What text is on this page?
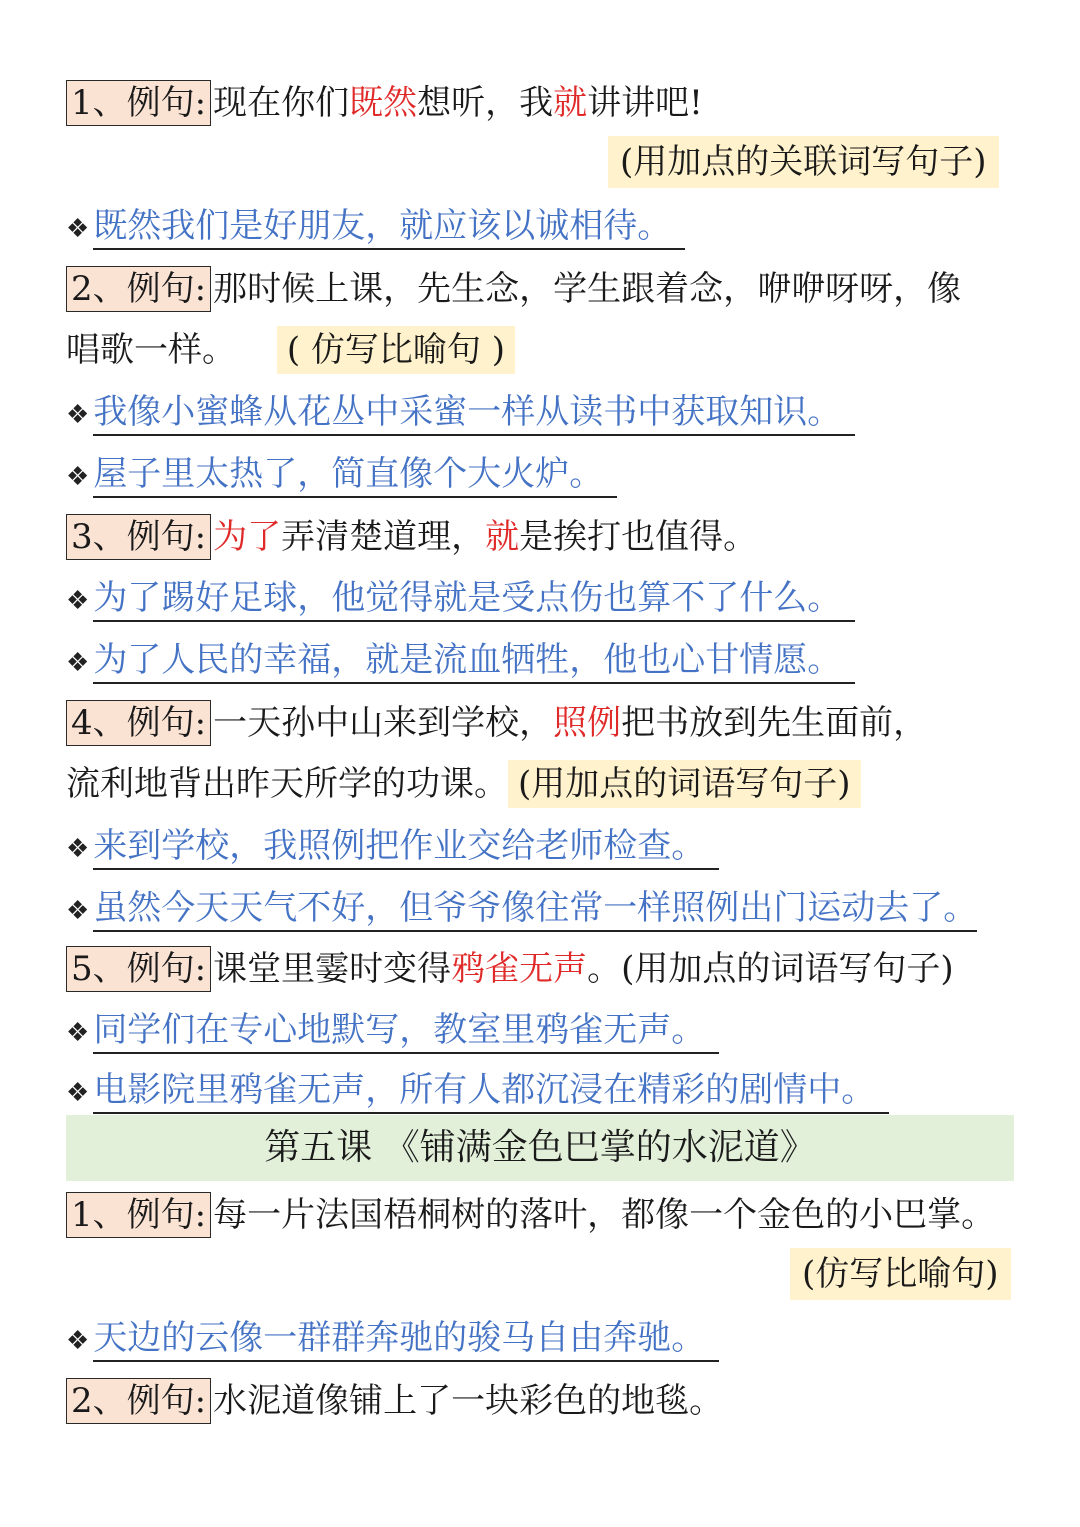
1、例句: 现在你们既然想听，我就讲讲吧!
(用加点的关联词写句子)
❖ 既然我们是好朋友，就应该以诚相待。
2、例句: 那时候上课，先生念，学生跟着念，咿咿呀呀，像
唱歌一样。 ( 仿写比喻句 )
❖ 我像小蜜蜂从花丛中采蜜一样从读书中获取知识。
❖ 屋子里太热了，简直像个大火炉。
3、例句: 为了弄清楚道理，就是挨打也值得。
❖ 为了踢好足球，他觉得就是受点伤也算不了什么。
❖ 为了人民的幸福，就是流血牺牲，他也心甘情愿。
4、例句: 一天孙中山来到学校，照例把书放到先生面前，
流利地背出昨天所学的功课。 (用加点的词语写句子)
❖ 来到学校，我照例把作业交给老师检查。
❖ 虽然今天天气不好，但爷爷像往常一样照例出门运动去了。
5、例句: 课堂里霎时变得鸦雀无声。(用加点的词语写句子)
❖ 同学们在专心地默写，教室里鸦雀无声。
❖ 电影院里鸦雀无声，所有人都沉浸在精彩的剧情中。
第五课 《铺满金色巴掌的水泥道》
1、例句: 每一片法国梧桐树的落叶，都像一个金色的小巴掌。
(仿写比喻句)
❖ 天边的云像一群群奔驰的骏马自由奔驰。
2、例句: 水泥道像铺上了一块彩色的地毯。
